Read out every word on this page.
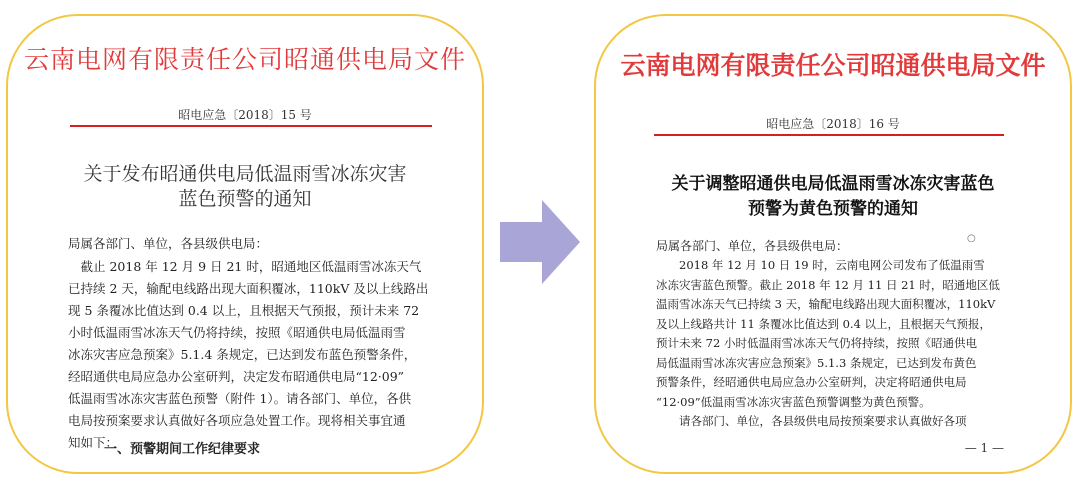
云南电网有限责任公司昭通供电局文件
昭电应急〔2018〕15 号
关于发布昭通供电局低温雨雪冰冻灾害
蓝色预警的通知
局属各部门、单位，各县级供电局：
　截止 2018 年 12 月 9 日 21 时，昭通地区低温雨雪冰冻天气
已持续 2 天，输配电线路出现大面积覆冰，110kV 及以上线路出
现 5 条覆冰比值达到 0.4 以上，且根据天气预报，预计未来 72
小时低温雨雪冰冻天气仍将持续，按照《昭通供电局低温雨雪
冰冻灾害应急预案》5.1.4 条规定，已达到发布蓝色预警条件，
经昭通供电局应急办公室研判，决定发布昭通供电局“12·09”
低温雨雪冰冻灾害蓝色预警（附件 1）。请各部门、单位，各供
电局按预案要求认真做好各项应急处置工作。现将相关事宜通
知如下：
一、预警期间工作纪律要求
云南电网有限责任公司昭通供电局文件
昭电应急〔2018〕16 号
关于调整昭通供电局低温雨雪冰冻灾害蓝色
预警为黄色预警的通知
局属各部门、单位，各县级供电局：
○
　　2018 年 12 月 10 日 19 时，云南电网公司发布了低温雨雪
冰冻灾害蓝色预警。截止 2018 年 12 月 11 日 21 时，昭通地区低
温雨雪冰冻天气已持续 3 天，输配电线路出现大面积覆冰，110kV
及以上线路共计 11 条覆冰比值达到 0.4 以上，且根据天气预报，
预计未来 72 小时低温雨雪冰冻天气仍将持续，按照《昭通供电
局低温雨雪冰冻灾害应急预案》5.1.3 条规定，已达到发布黄色
预警条件，经昭通供电局应急办公室研判，决定将昭通供电局
“12·09”低温雨雪冰冻灾害蓝色预警调整为黄色预警。
　　请各部门、单位，各县级供电局按预案要求认真做好各项
— 1 —
